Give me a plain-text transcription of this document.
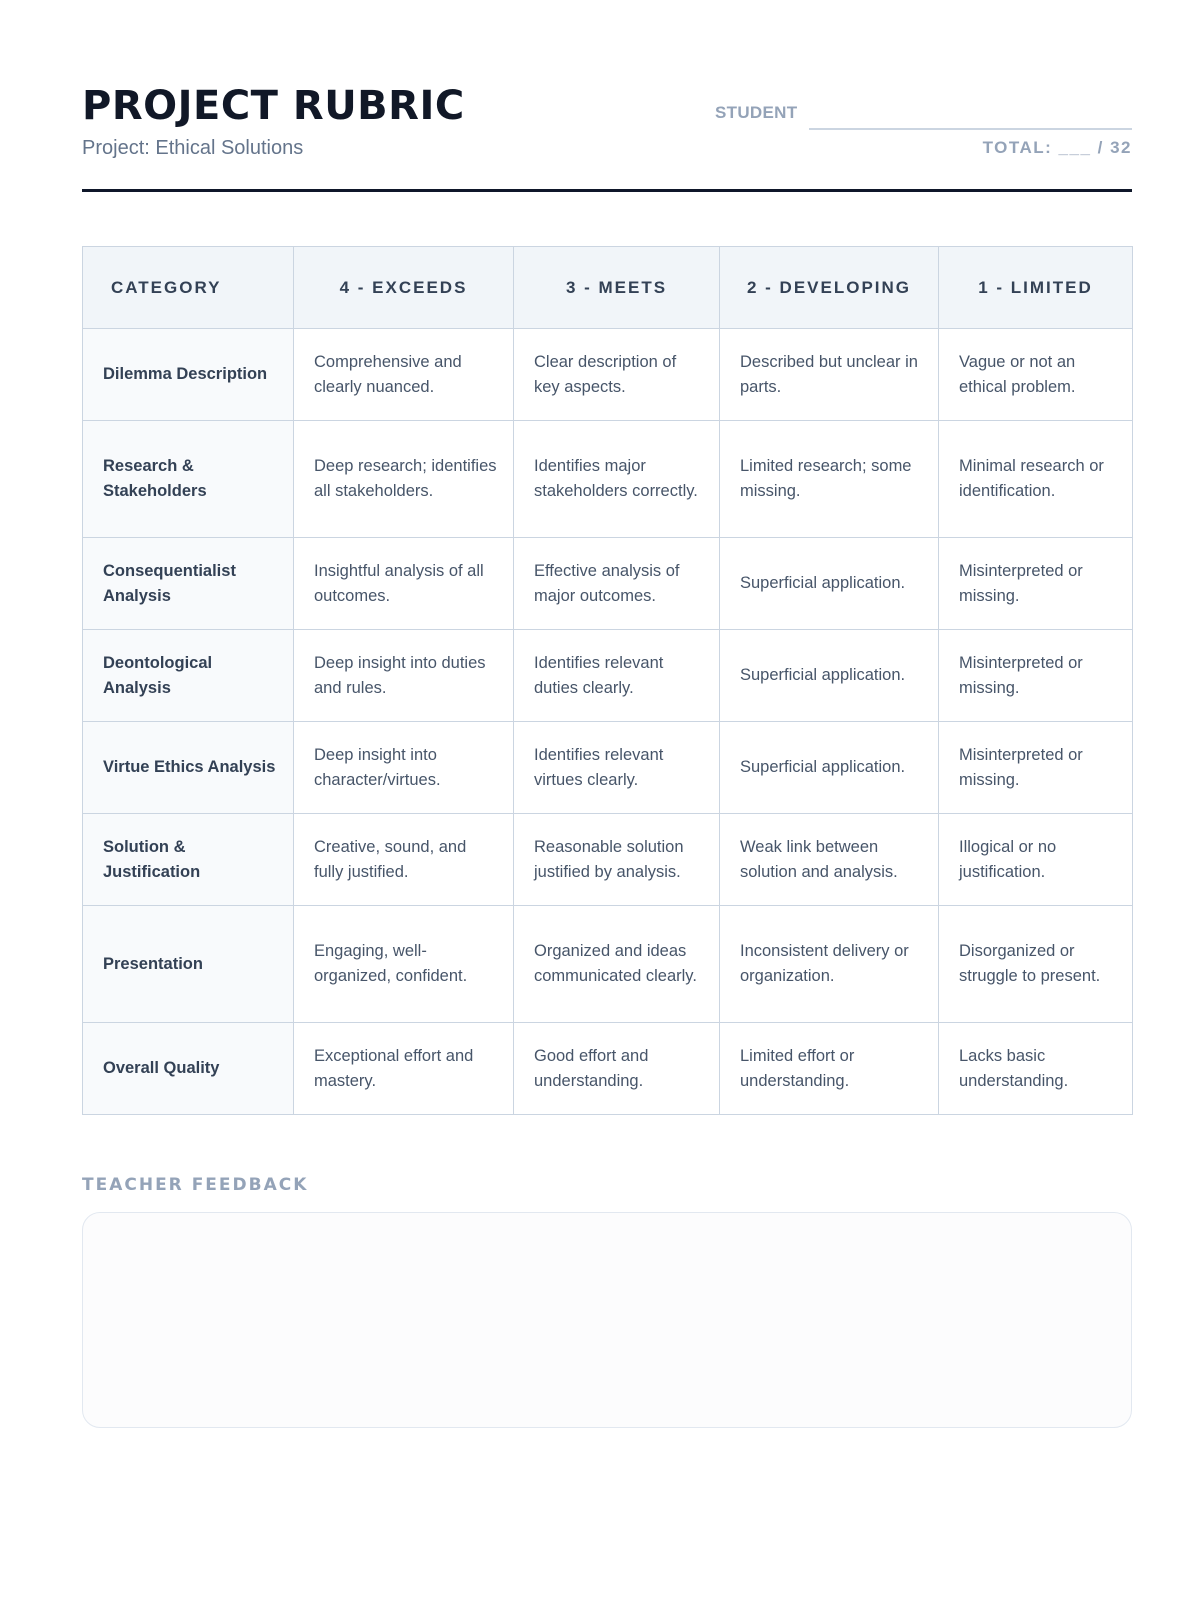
PROJECT RUBRIC
Project: Ethical Solutions
STUDENT
TOTAL: ___ / 32
CATEGORY	4 - EXCEEDS	3 - MEETS	2 - DEVELOPING	1 - LIMITED
Dilemma Description	Comprehensive and clearly nuanced.	Clear description of key aspects.	Described but unclear in parts.	Vague or not an ethical problem.
Research & Stakeholders	Deep research; identifies all stakeholders.	Identifies major stakeholders correctly.	Limited research; some missing.	Minimal research or identification.
Consequentialist Analysis	Insightful analysis of all outcomes.	Effective analysis of major outcomes.	Superficial application.	Misinterpreted or missing.
Deontological Analysis	Deep insight into duties and rules.	Identifies relevant duties clearly.	Superficial application.	Misinterpreted or missing.
Virtue Ethics Analysis	Deep insight into character/virtues.	Identifies relevant virtues clearly.	Superficial application.	Misinterpreted or missing.
Solution & Justification	Creative, sound, and fully justified.	Reasonable solution justified by analysis.	Weak link between solution and analysis.	Illogical or no justification.
Presentation	Engaging, well-organized, confident.	Organized and ideas communicated clearly.	Inconsistent delivery or organization.	Disorganized or struggle to present.
Overall Quality	Exceptional effort and mastery.	Good effort and understanding.	Limited effort or understanding.	Lacks basic understanding.
TEACHER FEEDBACK
